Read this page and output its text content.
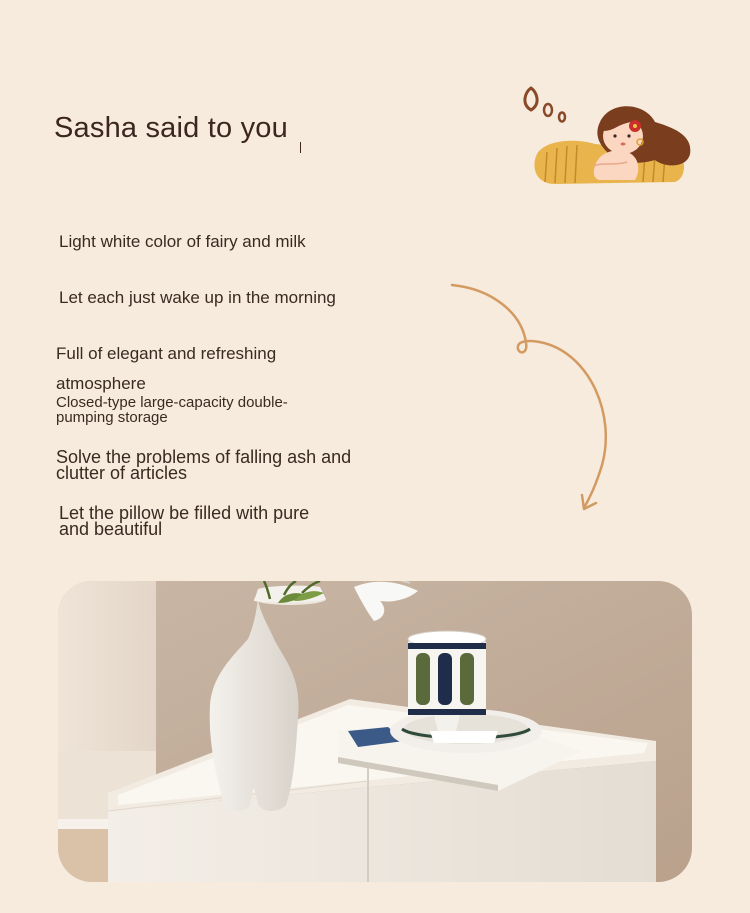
Sasha said to you
Light white color of fairy and milk
Let each just wake up in the morning
Full of elegant and refreshing
atmosphere
Closed-type large-capacity double-
pumping storage
Solve the problems of falling ash and
clutter of articles
Let the pillow be filled with pure
and beautiful
